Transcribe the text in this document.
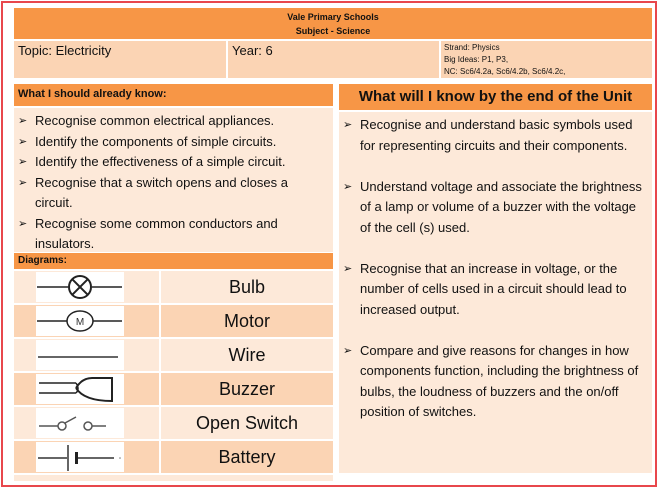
Vale Primary Schools
Subject - Science
Topic: Electricity	Year: 6	Strand: Physics
Big Ideas: P1, P3,
NC: Sc6/4.2a, Sc6/4.2b, Sc6/4.2c,
What I should already know:
➢ Recognise common electrical appliances.
➢ Identify the components of simple circuits.
➢ Identify the effectiveness of a simple circuit.
➢ Recognise that a switch opens and closes a circuit.
➢ Recognise some common conductors and insulators.
Diagrams:
Bulb
M	Motor
Wire
Buzzer
Open Switch
Battery
What will I know by the end of the Unit
➢ Recognise and understand basic symbols used for representing circuits and their components.
➢ Understand voltage and associate the brightness of a lamp or volume of a buzzer with the voltage of the cell (s) used.
➢ Recognise that an increase in voltage, or the number of cells used in a circuit should lead to increased output.
➢ Compare and give reasons for changes in how components function, including the brightness of bulbs, the loudness of buzzers and the on/off position of switches.
